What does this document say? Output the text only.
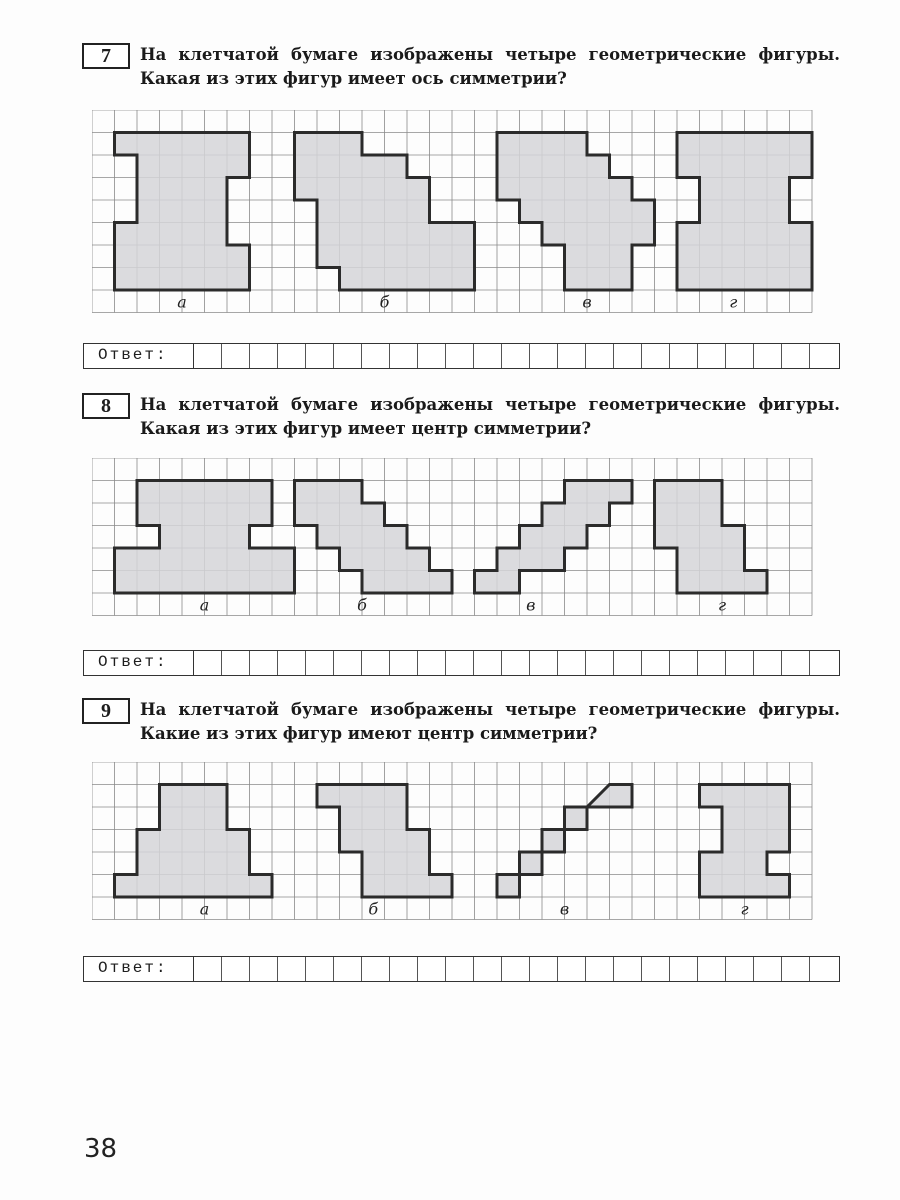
7	На клетчатой бумаге изображены четыре геометрические фигуры.
Какая из этих фигур имеет ось симметрии?
а	б	в	г
Ответ:
8	На клетчатой бумаге изображены четыре геометрические фигуры.
Какая из этих фигур имеет центр симметрии?
а	б	в	г
Ответ:
9	На клетчатой бумаге изображены четыре геометрические фигуры.
Какие из этих фигур имеют центр симметрии?
а	б	в	г
Ответ:
38
